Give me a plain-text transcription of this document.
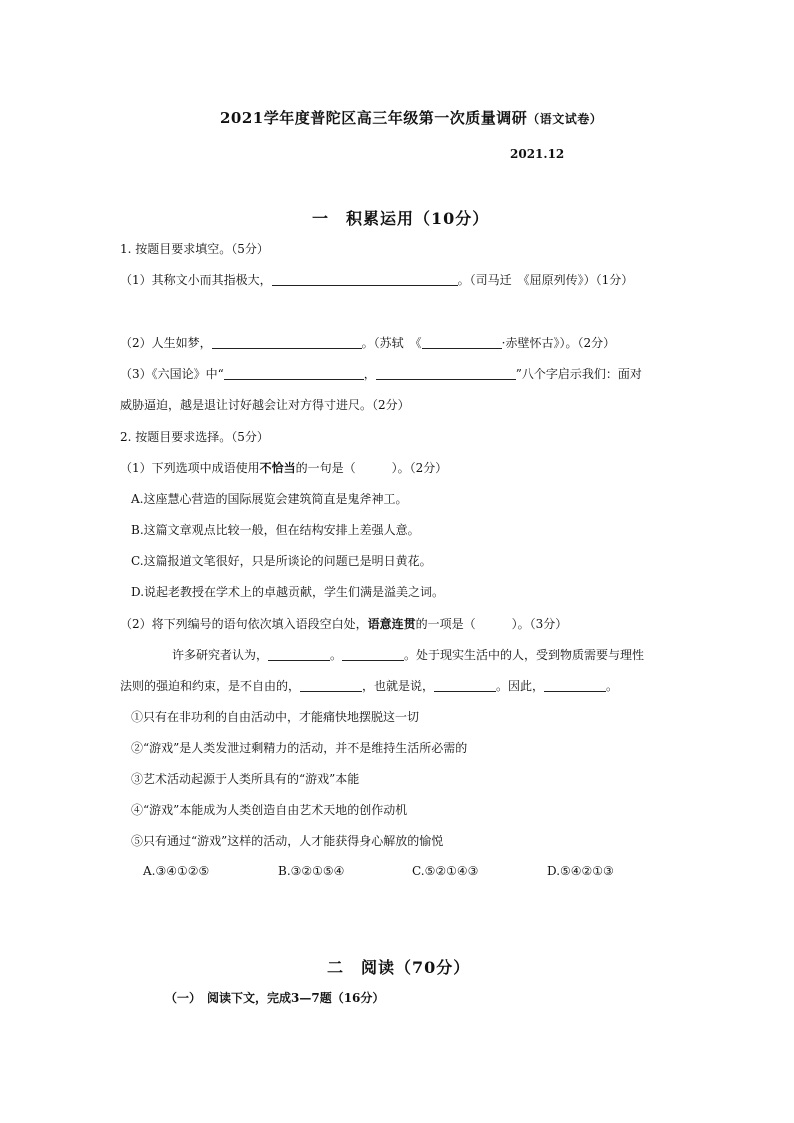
2021学年度普陀区高三年级第一次质量调研（语文试卷）
2021.12
一　积累运用（10分）
1. 按题目要求填空。（5分）
（1）其称文小而其指极大，	。（司马迁　《屈原列传》）（1分）
（2）人生如梦，	。（苏轼　《	·赤壁怀古》）。（2分）
（3）《六国论》中“	，	”八个字启示我们：面对
威胁逼迫，越是退让讨好越会让对方得寸进尺。（2分）
2. 按题目要求选择。（5分）
（1）下列选项中成语使用不恰当的一句是（　　　）。（2分）
A.这座慧心营造的国际展览会建筑简直是鬼斧神工。
B.这篇文章观点比较一般，但在结构安排上差强人意。
C.这篇报道文笔很好，只是所谈论的问题已是明日黄花。
D.说起老教授在学术上的卓越贡献，学生们满是溢美之词。
（2）将下列编号的语句依次填入语段空白处，语意连贯的一项是（　　　）。（3分）
许多研究者认为，	。	。处于现实生活中的人，受到物质需要与理性
法则的强迫和约束，是不自由的，	，也就是说，	。因此，	。
①只有在非功利的自由活动中，才能痛快地摆脱这一切
②“游戏”是人类发泄过剩精力的活动，并不是维持生活所必需的
③艺术活动起源于人类所具有的“游戏”本能
④“游戏”本能成为人类创造自由艺术天地的创作动机
⑤只有通过“游戏”这样的活动，人才能获得身心解放的愉悦
A.③④①②⑤	B.③②①⑤④	C.⑤②①④③	D.⑤④②①③
二　阅读（70分）
（一）　阅读下文，完成3—7题（16分）
